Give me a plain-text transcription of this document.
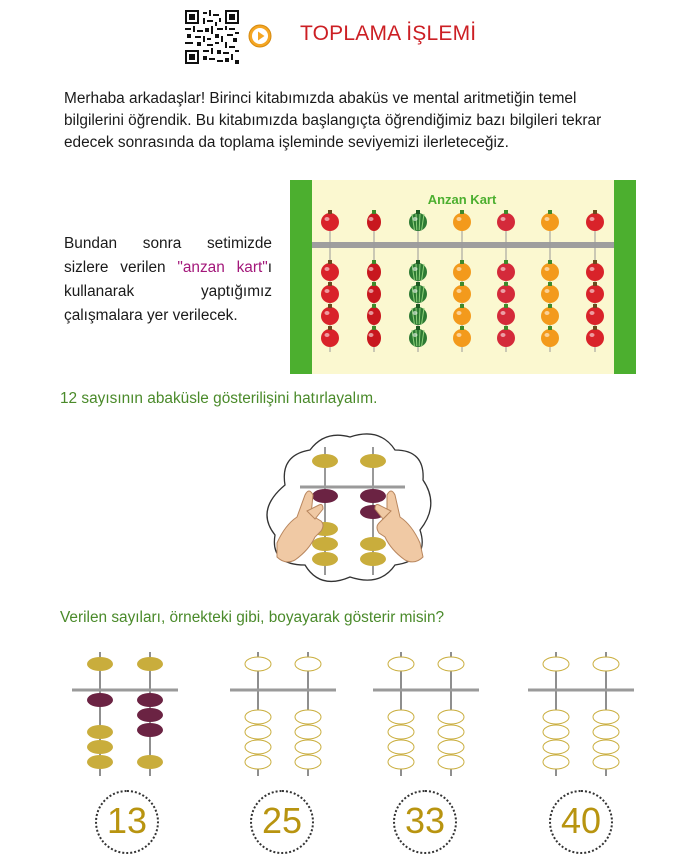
TOPLAMA İŞLEMİ
Merhaba arkadaşlar! Birinci kitabımızda abaküs ve mental aritmetiğin temel bilgilerini öğrendik. Bu kitabımızda başlangıçta öğrendiğimiz bazı bilgileri tekrar edecek sonrasında da toplama işleminde seviyemizi ilerleteceğiz.
Bundan sonra setimizde sizlere verilen "anzan kart"ı kullanarak yaptığımız çalışmalara yer verilecek.
Anzan Kart
12 sayısının abaküsle gösterilişini hatırlayalım.
Verilen sayıları, örnekteki gibi, boyayarak gösterir misin?
13	25	33	40
